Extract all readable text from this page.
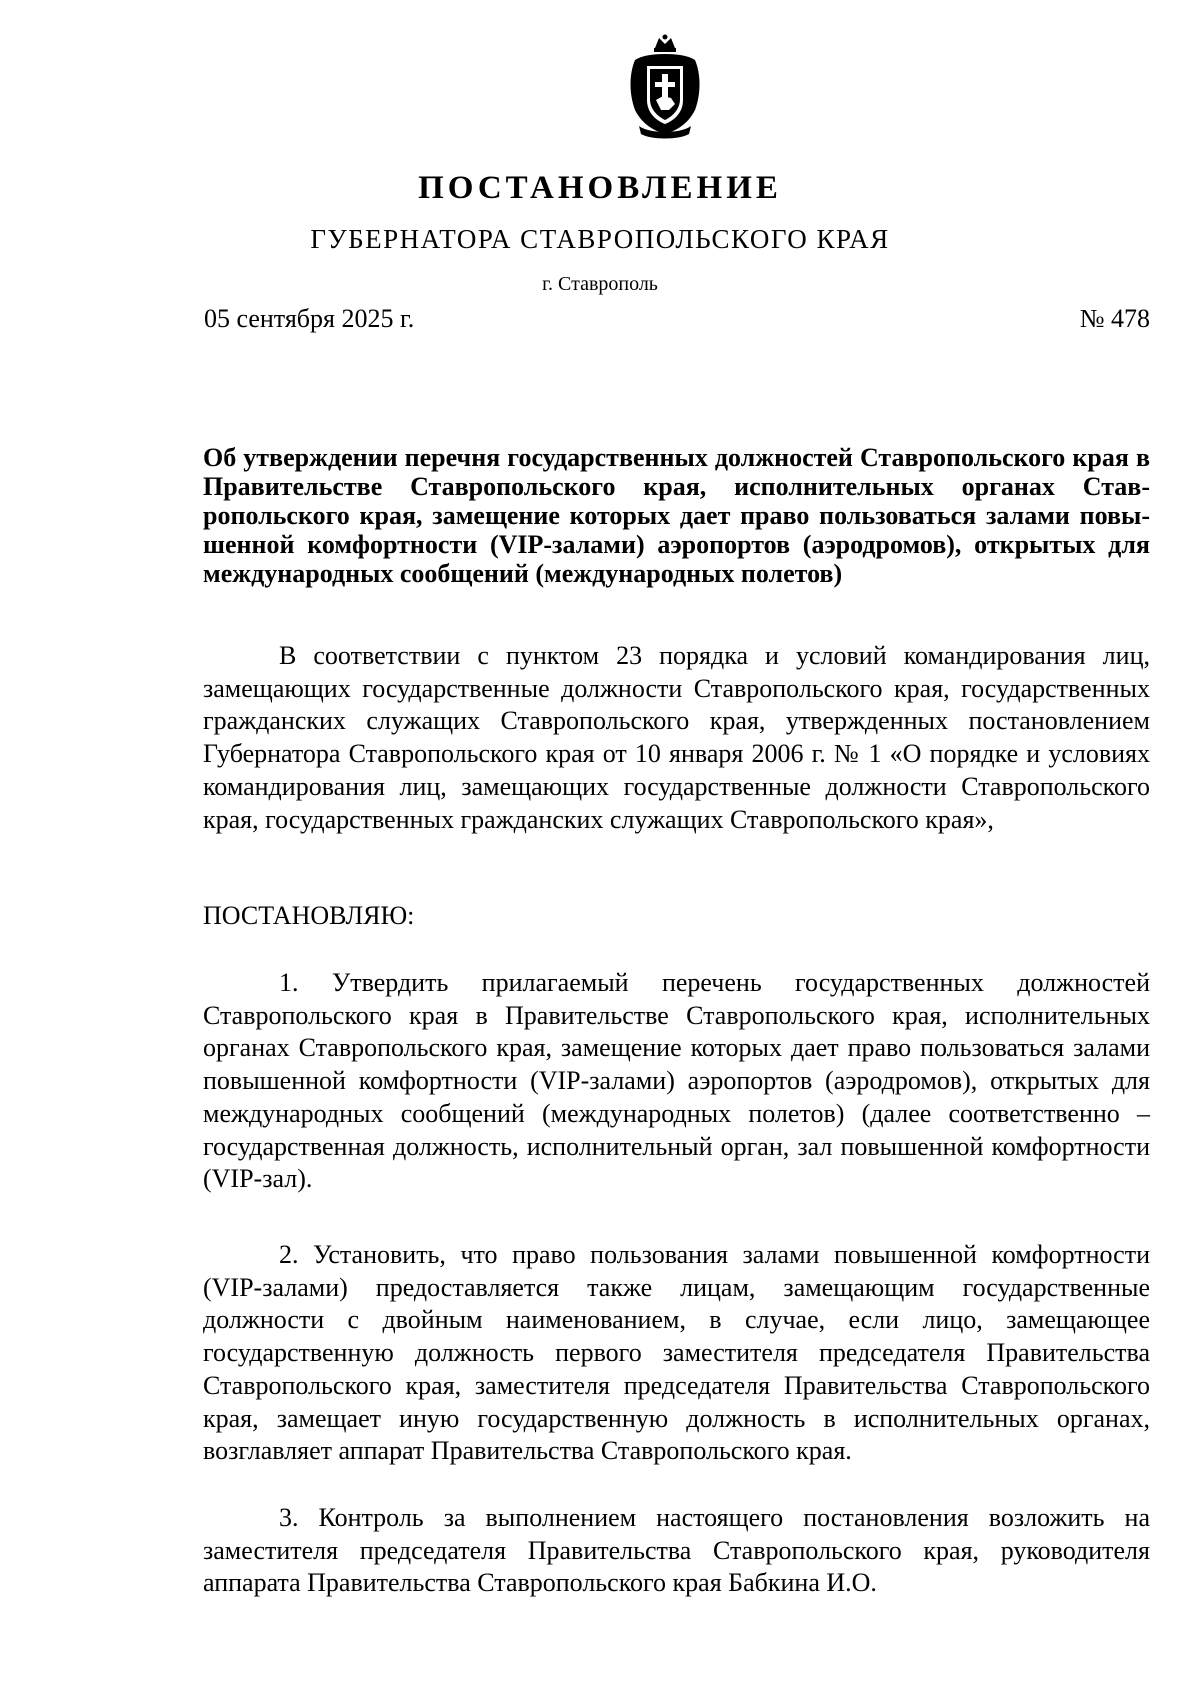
ПОСТАНОВЛЕНИЕ
ГУБЕРНАТОРА СТАВРОПОЛЬСКОГО КРАЯ
г. Ставрополь
05 сентября 2025 г.	№ 478
Об утверждении перечня государственных должностей Ставропольского края в Правительстве Ставропольского края, исполнительных органах Ставропольского края, замещение которых дает право пользоваться залами повышенной комфортности (VIP-залами) аэропортов (аэродромов), открытых для международных сообщений (международных полетов)
В соответствии с пунктом 23 порядка и условий командирования лиц, замещающих государственные должности Ставропольского края, государственных гражданских служащих Ставропольского края, утвержденных постановлением Губернатора Ставропольского края от 10 января 2006 г. № 1 «О порядке и условиях командирования лиц, замещающих государственные должности Ставропольского края, государственных гражданских служащих Ставропольского края»,
ПОСТАНОВЛЯЮ:
1. Утвердить прилагаемый перечень государственных должностей Ставропольского края в Правительстве Ставропольского края, исполнительных органах Ставропольского края, замещение которых дает право пользоваться залами повышенной комфортности (VIP-залами) аэропортов (аэродромов), открытых для международных сообщений (международных полетов) (далее соответственно – государственная должность, исполнительный орган, зал повышенной комфортности (VIP-зал).
2. Установить, что право пользования залами повышенной комфортности (VIP-залами) предоставляется также лицам, замещающим государственные должности с двойным наименованием, в случае, если лицо, замещающее государственную должность первого заместителя председателя Правительства Ставропольского края, заместителя председателя Правительства Ставропольского края, замещает иную государственную должность в исполнительных органах, возглавляет аппарат Правительства Ставропольского края.
3. Контроль за выполнением настоящего постановления возложить на заместителя председателя Правительства Ставропольского края, руководителя аппарата Правительства Ставропольского края Бабкина И.О.
